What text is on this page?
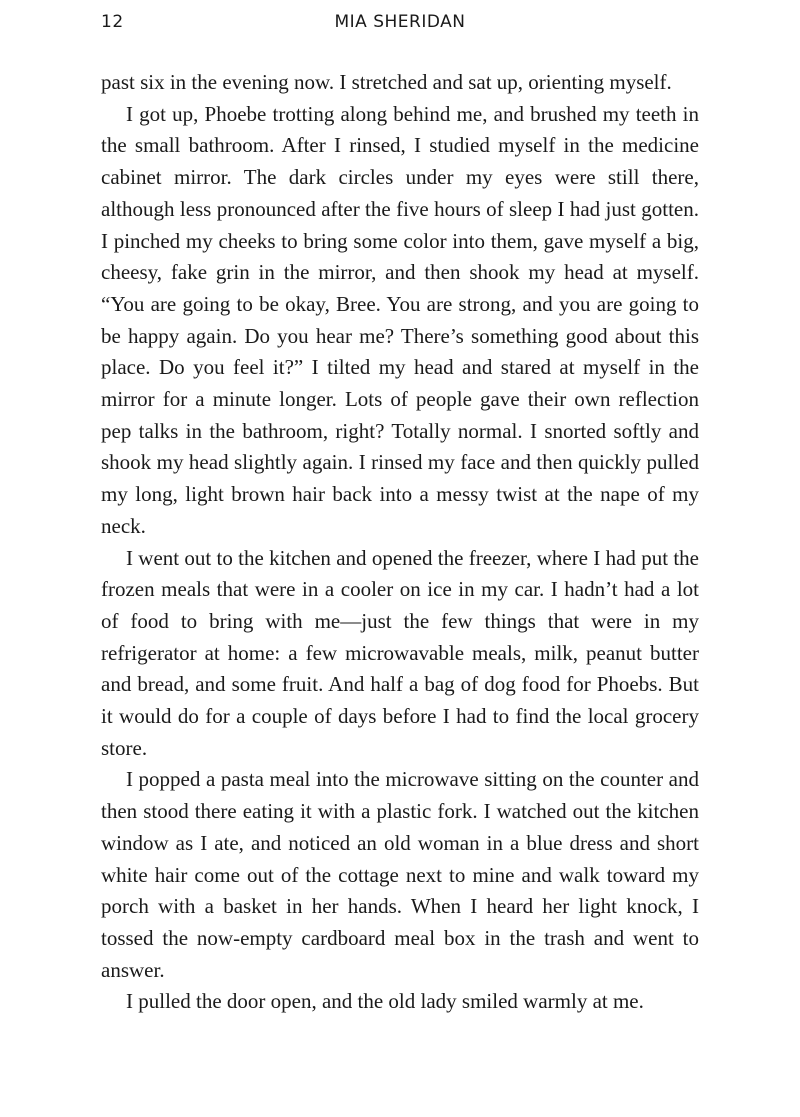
12	MIA SHERIDAN

past six in the evening now. I stretched and sat up, orienting myself.

I got up, Phoebe trotting along behind me, and brushed my teeth in the small bathroom. After I rinsed, I studied myself in the medicine cabinet mirror. The dark circles under my eyes were still there, although less pronounced after the five hours of sleep I had just gotten. I pinched my cheeks to bring some color into them, gave myself a big, cheesy, fake grin in the mirror, and then shook my head at myself. “You are going to be okay, Bree. You are strong, and you are going to be happy again. Do you hear me? There’s something good about this place. Do you feel it?” I tilted my head and stared at myself in the mirror for a minute longer. Lots of people gave their own reflection pep talks in the bathroom, right? Totally normal. I snorted softly and shook my head slightly again. I rinsed my face and then quickly pulled my long, light brown hair back into a messy twist at the nape of my neck.

I went out to the kitchen and opened the freezer, where I had put the frozen meals that were in a cooler on ice in my car. I hadn’t had a lot of food to bring with me—just the few things that were in my refrigerator at home: a few microwavable meals, milk, peanut butter and bread, and some fruit. And half a bag of dog food for Phoebs. But it would do for a couple of days before I had to find the local grocery store.

I popped a pasta meal into the microwave sitting on the counter and then stood there eating it with a plastic fork. I watched out the kitchen window as I ate, and noticed an old woman in a blue dress and short white hair come out of the cottage next to mine and walk toward my porch with a basket in her hands. When I heard her light knock, I tossed the now-empty cardboard meal box in the trash and went to answer.

I pulled the door open, and the old lady smiled warmly at me.
